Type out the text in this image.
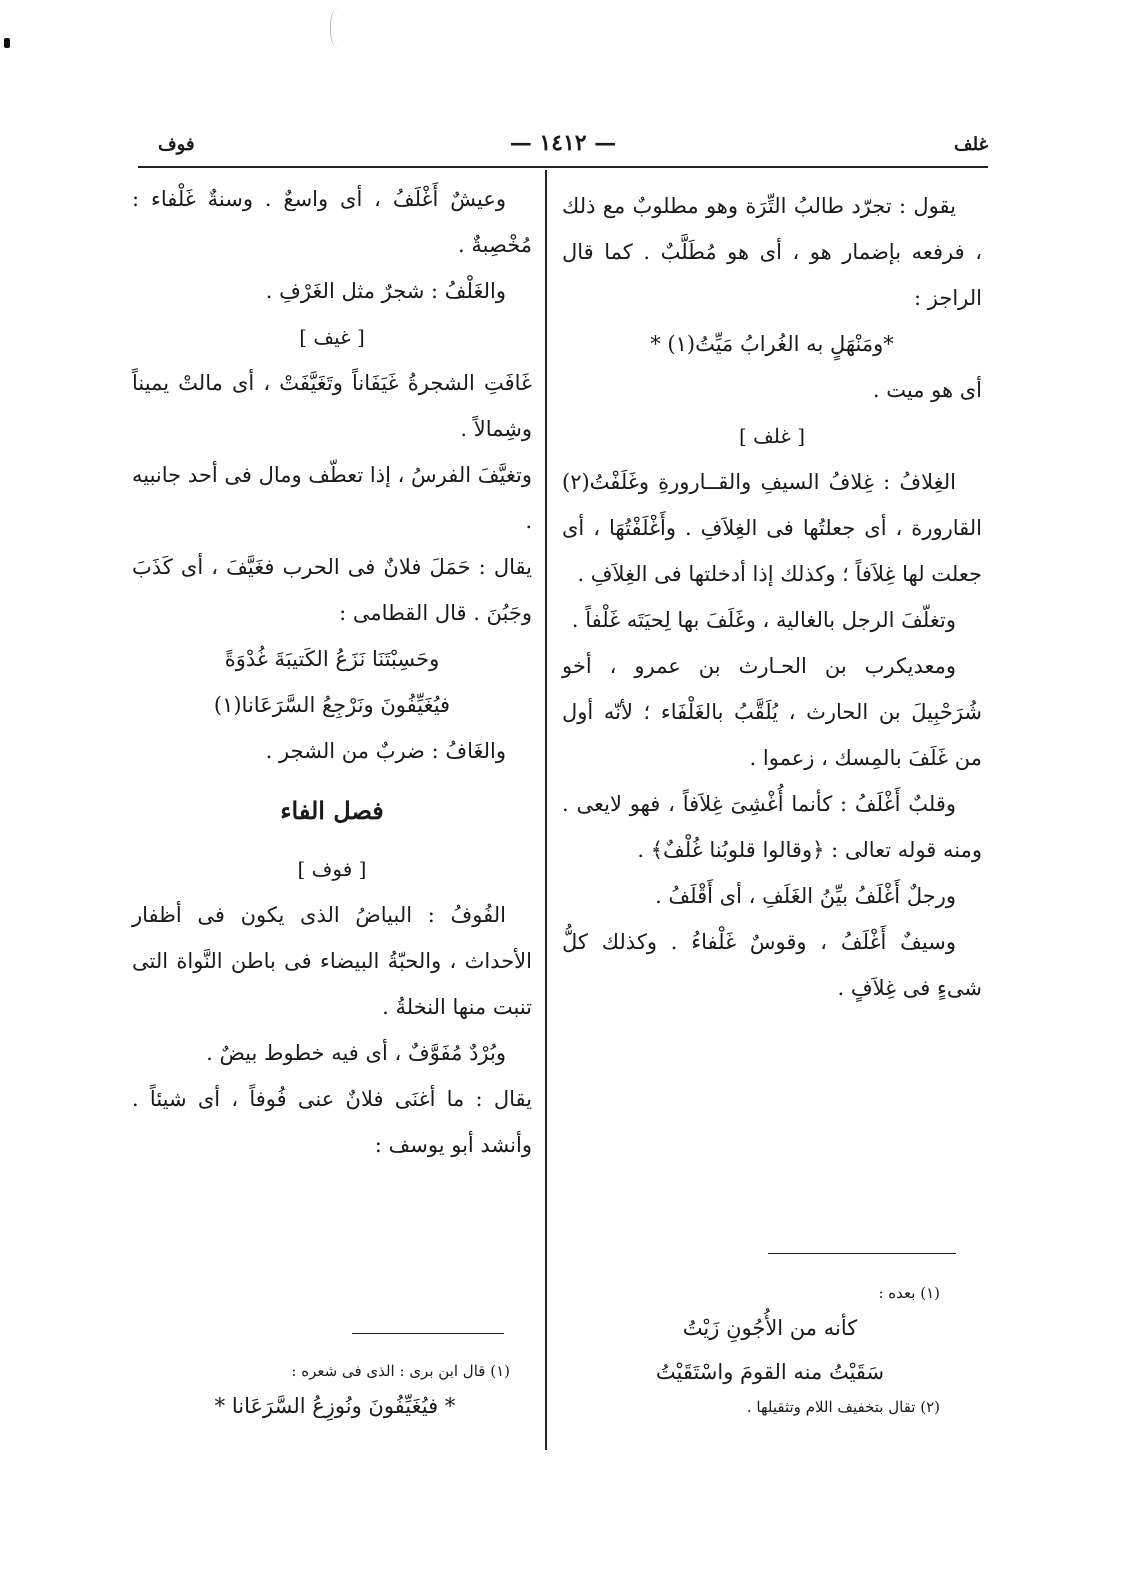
غلف
— ١٤١٢ —
فوف

يقول : تجرّد طالبُ التِّرَة وهو مطلوبٌ مع ذلك ، فرفعه بإضمار هو ، أى هو مُطَلَّبٌ . كما قال الراجز :

*ومَنْهَلٍ به الغُرابُ مَيِّتُ(١) *

أى هو ميت .

[ غلف ]

الغِلافُ : غِلافُ السيفِ والقــارورةِ وغَلَفْتُ(٢) القارورة ، أى جعلتُها فى الغِلاَفِ . وأَغْلَفْتُهَا ، أى جعلت لها غِلاَفاً ؛ وكذلك إذا أدخلتها فى الغِلاَفِ .

وتغلّفَ الرجل بالغالية ، وغَلَفَ بها لِحيَتَه غَلْفاً .

ومعديكرب بن الحـارث بن عمرو ، أخو شُرَحْبِيلَ بن الحارث ، يُلَقَّبُ بالغَلْفَاء ؛ لأنّه أول من غَلَفَ بالمِسك ، زعموا .

وقلبٌ أَغْلَفُ : كأنما أُغْشِىَ غِلاَفاً ، فهو لايعى . ومنه قوله تعالى : ﴿وقالوا قلوبُنا غُلْفٌ﴾ .

ورجلٌ أَغْلَفُ بيِّنُ الغَلَفِ ، أى أَقْلَفُ .

وسيفٌ أَغْلَفُ ، وقوسٌ غَلْفاءُ . وكذلك كلُّ شىءٍ فى غِلاَفٍ .

وعيشٌ أَغْلَفُ ، أى واسعٌ . وسنةٌ غَلْفاء : مُخْصِبةٌ .

والغَلْفُ : شجرٌ مثل الغَرْفِ .

[ غيف ]

غَافَتِ الشجرةُ غَيَفَاناً وتَغَيَّفَتْ ، أى مالتْ يميناً وشِمالاً .

وتغيَّفَ الفرسُ ، إذا تعطّف ومال فى أحد جانبيه .

يقال : حَمَلَ فلانٌ فى الحرب فغَيَّفَ ، أى كَذَبَ وجَبُنَ . قال القطامى :

وحَسِبْتَنَا نَزَعُ الكَتيبَةَ غُدْوَةً

فيُغَيِّفُونَ ونَرْجِعُ السَّرَعَانا(١)

والغَافُ : ضربٌ من الشجر .

فصل الفاء

[ فوف ]

الفُوفُ : البياضُ الذى يكون فى أظفار الأحداث ، والحبّةُ البيضاء فى باطن النَّواة التى تنبت منها النخلةُ .

وبُرْدٌ مُفَوَّفٌ ، أى فيه خطوط بيضٌ .

يقال : ما أغنَى فلانٌ عنى فُوفاً ، أى شيئاً . وأنشد أبو يوسف :

(١) بعده :

كأنه من الأُجُونِ زَيْتُ

سَقَيْتُ منه القومَ واسْتَقَيْتُ

(٢) تقال بتخفيف اللام وتثقيلها .

(١) قال ابن برى : الذى فى شعره :

* فيُغَيِّفُونَ ونُوزِعُ السَّرَعَانا *
